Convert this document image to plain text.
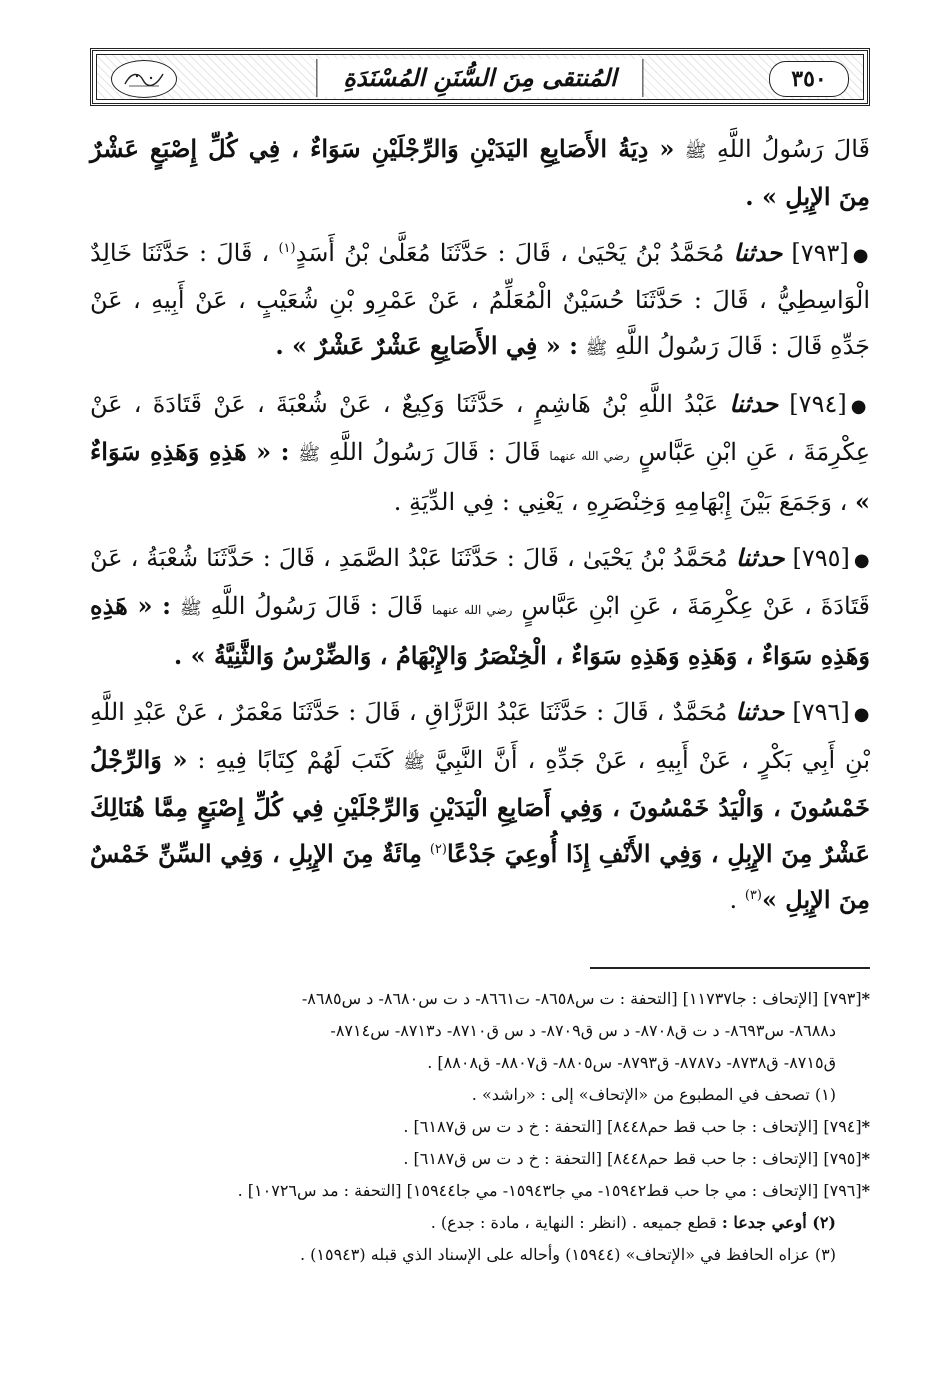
٣٥٠
المُنتقى مِنَ السُّنَنِ المُسْنَدَةِ

قَالَ رَسُولُ اللَّهِ ﷺ « دِيَةُ الأَصَابِعِ اليَدَيْنِ وَالرِّجْلَيْنِ سَوَاءٌ ، فِي كُلِّ إِصْبَعٍ عَشْرٌ مِنَ الإِبِلِ » .

●[٧٩٣] حدثنا مُحَمَّدُ بْنُ يَحْيَىٰ ، قَالَ : حَدَّثَنَا مُعَلَّىٰ بْنُ أَسَدٍ$^{(١)}$ ، قَالَ : حَدَّثَنَا خَالِدٌ الْوَاسِطِيُّ ، قَالَ : حَدَّثَنَا حُسَيْنٌ الْمُعَلِّمُ ، عَنْ عَمْرِو بْنِ شُعَيْبٍ ، عَنْ أَبِيهِ ، عَنْ جَدِّهِ قَالَ : قَالَ رَسُولُ اللَّهِ ﷺ : « فِي الأَصَابِعِ عَشْرٌ عَشْرٌ » .

●[٧٩٤] حدثنا عَبْدُ اللَّهِ بْنُ هَاشِمٍ ، حَدَّثَنَا وَكِيعٌ ، عَنْ شُعْبَةَ ، عَنْ قَتَادَةَ ، عَنْ عِكْرِمَةَ ، عَنِ ابْنِ عَبَّاسٍ رضي الله عنهما قَالَ : قَالَ رَسُولُ اللَّهِ ﷺ : « هَذِهِ وَهَذِهِ سَوَاءٌ » ، وَجَمَعَ بَيْنَ إِبْهَامِهِ وَخِنْصَرِهِ ، يَعْنِي : فِي الدِّيَةِ .

●[٧٩٥] حدثنا مُحَمَّدُ بْنُ يَحْيَىٰ ، قَالَ : حَدَّثَنَا عَبْدُ الصَّمَدِ ، قَالَ : حَدَّثَنَا شُعْبَةُ ، عَنْ قَتَادَةَ ، عَنْ عِكْرِمَةَ ، عَنِ ابْنِ عَبَّاسٍ رضي الله عنهما قَالَ : قَالَ رَسُولُ اللَّهِ ﷺ : « هَذِهِ وَهَذِهِ سَوَاءٌ ، وَهَذِهِ وَهَذِهِ سَوَاءٌ ، الْخِنْصَرُ وَالإِبْهَامُ ، وَالضِّرْسُ وَالثَّنِيَّةُ » .

●[٧٩٦] حدثنا مُحَمَّدٌ ، قَالَ : حَدَّثَنَا عَبْدُ الرَّزَّاقِ ، قَالَ : حَدَّثَنَا مَعْمَرٌ ، عَنْ عَبْدِ اللَّهِ بْنِ أَبِي بَكْرٍ ، عَنْ أَبِيهِ ، عَنْ جَدِّهِ ، أَنَّ النَّبِيَّ ﷺ كَتَبَ لَهُمْ كِتَابًا فِيهِ : « وَالرِّجْلُ خَمْسُونَ ، وَالْيَدُ خَمْسُونَ ، وَفِي أَصَابِعِ الْيَدَيْنِ وَالرِّجْلَيْنِ فِي كُلِّ إِصْبَعٍ مِمَّا هُنَالِكَ عَشْرٌ مِنَ الإِبِلِ ، وَفِي الأَنْفِ إِذَا أُوعِيَ جَدْعًا$^{(٢)}$ مِائَةٌ مِنَ الإِبِلِ ، وَفِي السِّنِّ خَمْسٌ مِنَ الإِبِلِ »$^{(٣)}$ .

*[٧٩٣] [الإتحاف : جا١١٧٣٧] [التحفة : ت س٨٦٥٨- ت٨٦٦١- د ت س٨٦٨٠- د س٨٦٨٥-

د٨٦٨٨- س٨٦٩٣- د ت ق٨٧٠٨- د س ق٨٧٠٩- د س ق٨٧١٠- د٨٧١٣- س٨٧١٤-

ق٨٧١٥- ق٨٧٣٨- د٨٧٨٧- ق٨٧٩٣- س٨٨٠٥- ق٨٨٠٧- ق٨٨٠٨] .

(١) تصحف في المطبوع من «الإتحاف» إلى : «راشد» .

*[٧٩٤] [الإتحاف : جا حب قط حم٨٤٤٨] [التحفة : خ د ت س ق٦١٨٧] .

*[٧٩٥] [الإتحاف : جا حب قط حم٨٤٤٨] [التحفة : خ د ت س ق٦١٨٧] .

*[٧٩٦] [الإتحاف : مي جا حب قط١٥٩٤٢- مي جا١٥٩٤٣- مي جا١٥٩٤٤] [التحفة : مد س١٠٧٢٦] .

(٢) أوعي جدعا : قطع جميعه . (انظر : النهاية ، مادة : جدع) .

(٣) عزاه الحافظ في «الإتحاف» (١٥٩٤٤) وأحاله على الإسناد الذي قبله (١٥٩٤٣) .
